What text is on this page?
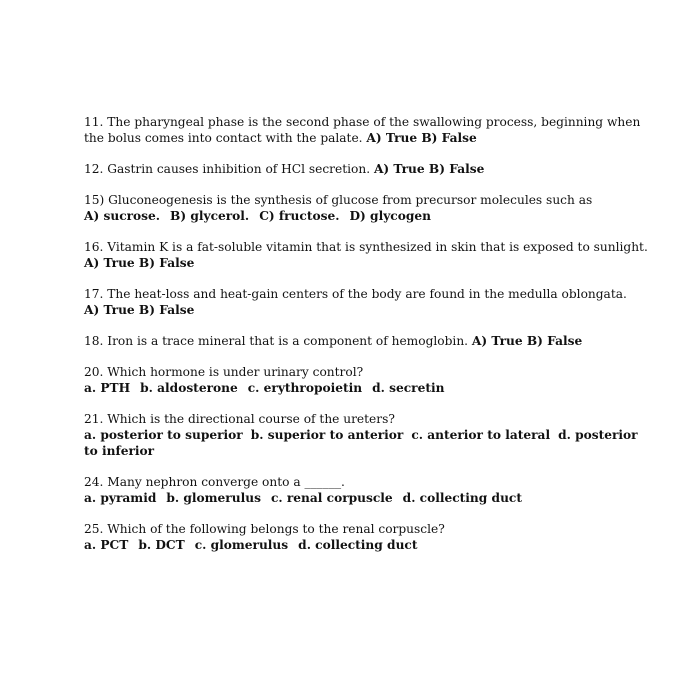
11. The pharyngeal phase is the second phase of the swallowing process, beginning when

the bolus comes into contact with the palate. A) True B) False

12. Gastrin causes inhibition of HCl secretion. A) True B) False

15) Gluconeogenesis is the synthesis of glucose from precursor molecules such as

A) sucrose. B) glycerol. C) fructose. D) glycogen

16. Vitamin K is a fat-soluble vitamin that is synthesized in skin that is exposed to sunlight.

A) True B) False

17. The heat-loss and heat-gain centers of the body are found in the medulla oblongata.

A) True B) False

18. Iron is a trace mineral that is a component of hemoglobin. A) True B) False

20. Which hormone is under urinary control?

a. PTH b. aldosterone c. erythropoietin d. secretin

21. Which is the directional course of the ureters?

a. posterior to superior b. superior to anterior c. anterior to lateral d. posterior

to inferior

24. Many nephron converge onto a ______.

a. pyramid b. glomerulus c. renal corpuscle d. collecting duct

25. Which of the following belongs to the renal corpuscle?

a. PCT b. DCT c. glomerulus d. collecting duct
